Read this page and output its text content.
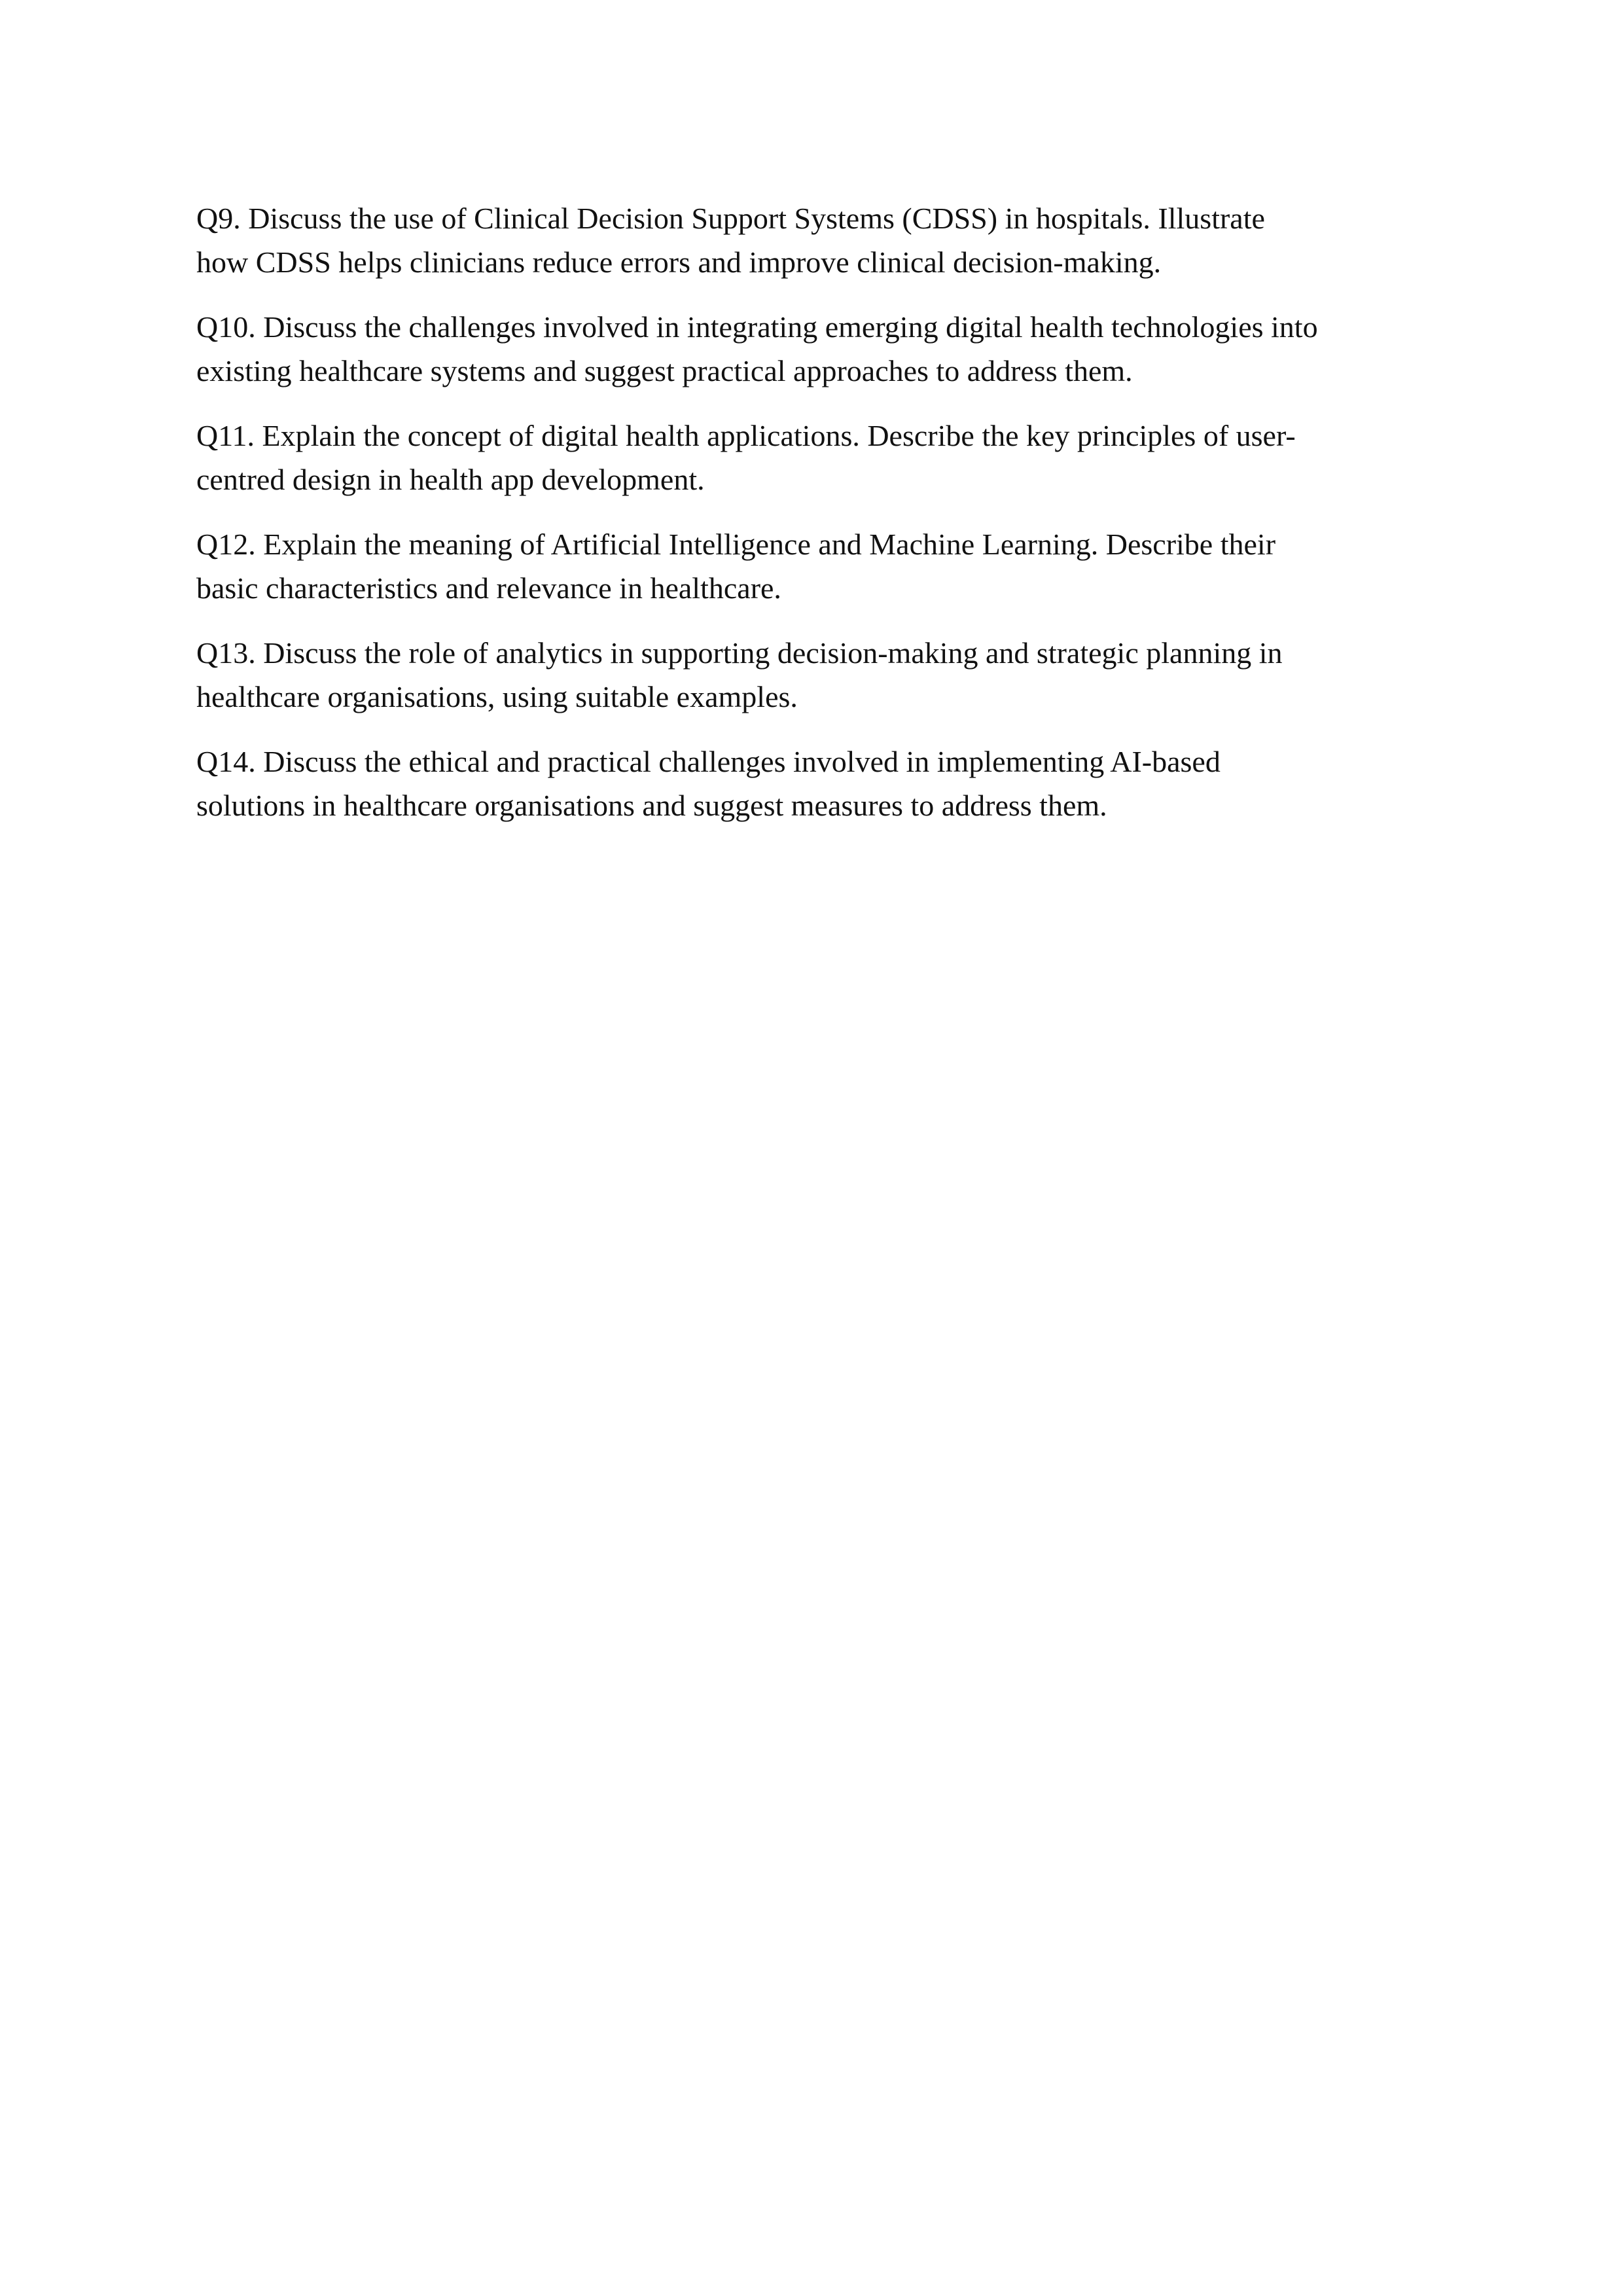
Q9. Discuss the use of Clinical Decision Support Systems (CDSS) in hospitals. Illustrate
how CDSS helps clinicians reduce errors and improve clinical decision-making.

Q10. Discuss the challenges involved in integrating emerging digital health technologies into
existing healthcare systems and suggest practical approaches to address them.

Q11. Explain the concept of digital health applications. Describe the key principles of user-
centred design in health app development.

Q12. Explain the meaning of Artificial Intelligence and Machine Learning. Describe their
basic characteristics and relevance in healthcare.

Q13. Discuss the role of analytics in supporting decision-making and strategic planning in
healthcare organisations, using suitable examples.

Q14. Discuss the ethical and practical challenges involved in implementing AI-based
solutions in healthcare organisations and suggest measures to address them.
